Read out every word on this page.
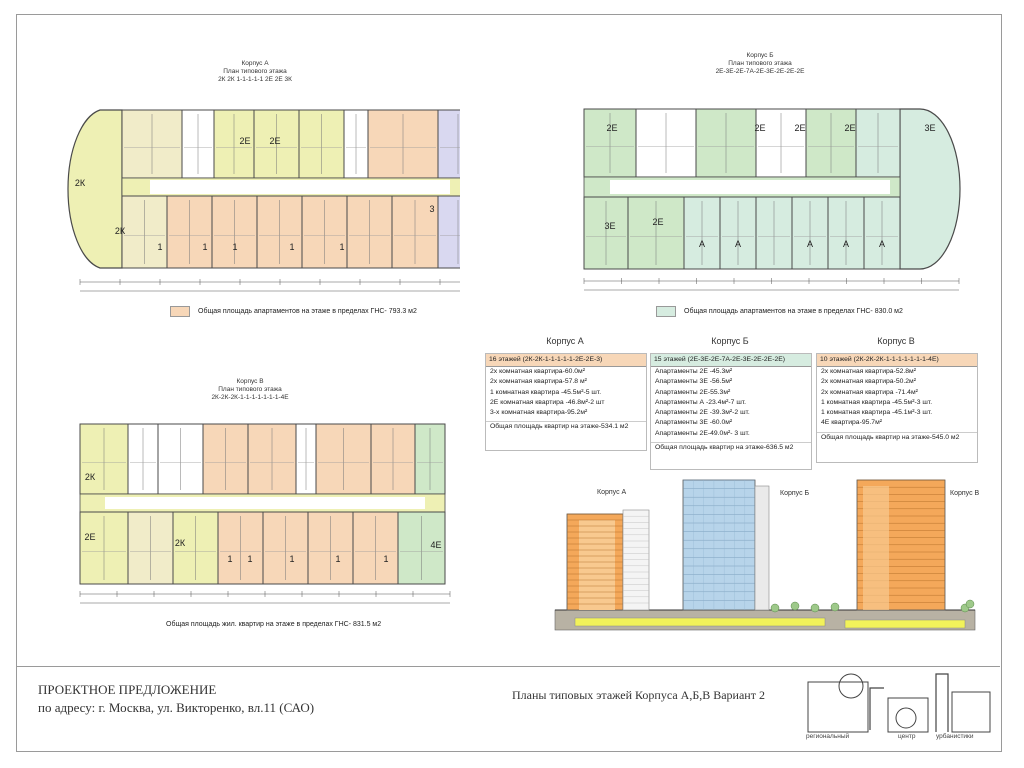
Корпус А
План типового этажа
2К 2К 1-1-1-1-1 2Е 2Е 3К
2К
2К
2Е 2Е
1	1	1	1	1
3
Общая площадь апартаментов на этаже в пределах ГНС- 793.3 м2
Корпус Б
План типового этажа
2Е-3Е-2Е-7А-2Е-3Е-2Е-2Е-2Е
2Е
2Е
2Е	3Е
3Е
2Е	2Е
А	А	А	А	А
Общая площадь апартаментов на этаже в пределах ГНС- 830.0 м2
Корпус В
План типового этажа
2К-2К-2К-1-1-1-1-1-1-1-4Е
2К
2Е
2К
1	1	1	1
1
4Е
Общая площадь жил. квартир на этаже в пределах ГНС- 831.5 м2
Корпус А
16 этажей (2К-2К-1-1-1-1-1-2Е-2Е-3)
2х комнатная квартира-60.0м²
2х комнатная квартира-57.8 м²
1 комнатная квартира -45.5м²-5 шт.
2Е комнатная квартира -46.8м²-2 шт
3-х комнатная квартира-95.2м²
Общая площадь квартир на этаже-534.1 м2
Корпус Б
15 этажей (2Е-3Е-2Е-7А-2Е-3Е-2Е-2Е-2Е)
Апартаменты 2Е -45.3м²
Апартаменты 3Е -56.5м²
Апартаменты 2Е-55.3м²
Апартаменты А -23.4м²-7 шт.
Апартаменты 2Е -39.3м²-2 шт.
Апартаменты 3Е -60.0м²
Апартаменты 2Е-49.0м²- 3 шт.
Общая площадь квартир на этаже-636.5 м2
Корпус В
10 этажей (2К-2К-2К-1-1-1-1-1-1-1-4Е)
2х комнатная квартира-52.8м²
2х комнатная квартира-50.2м²
2х комнатная квартира -71.4м²
1 комнатная квартира -45.5м²-3 шт.
1 комнатная квартира -45.1м²-3 шт.
4Е квартира-95.7м²
Общая площадь квартир на этаже-545.0 м2
Корпус А	Корпус Б	Корпус В
ПРОЕКТНОЕ ПРЕДЛОЖЕНИЕ
по адресу: г. Москва, ул. Викторенко, вл.11 (САО)
Планы типовых этажей Корпуса А,Б,В Вариант 2
региональный	центр	урбанистики
